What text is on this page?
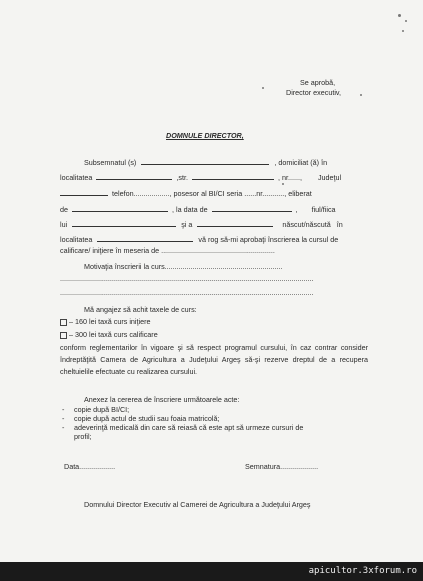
Se aprobă,
Director executiv,
DOMNULE DIRECTOR,
Subsemnatul (s)	, domiciliat (ă) în
localitatea	,str.	, nr......, Judeţul
telefon.................., posesor al BI/CI seria ......nr..........., eliberat
de	, la data de	, fiul/fiica
lui	şi a	născut/născută în
localitatea	vă rog să-mi aprobaţi înscrierea la cursul de
calificare/ iniţiere în meseria de .........................................................
Motivaţia înscrierii la curs...........................................................
...............................................................................................................................
...............................................................................................................................
Mă angajez să achit taxele de curs:
– 160 lei taxă curs iniţiere
– 300 lei taxă curs calificare
conform reglementarilor în vigoare şi să respect programul cursului, în caz contrar consider îndreptăţită Camera de Agricultura a Judeţului Argeş să-şi rezerve dreptul de a recupera cheltuielile efectuate cu realizarea cursului.
Anexez la cererea de înscriere următoarele acte:
- copie după BI/CI;
- copie după actul de studii sau foaia matricolă;
- adeverinţă medicală din care să reiasă că este apt să urmeze cursuri de
profil;
Data..................	Semnatura...................
Domnului Director Executiv al Camerei de Agricultura a Judeţului Argeş
apicultor.3xforum.ro
